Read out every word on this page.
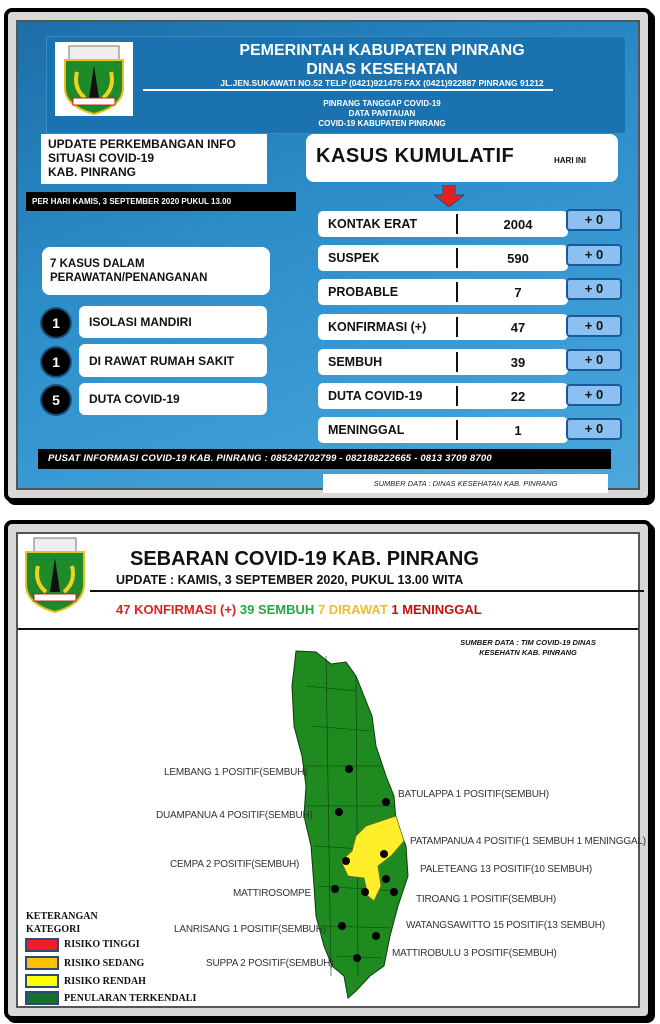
PEMERINTAH KABUPATEN PINRANG
DINAS KESEHATAN
JL.JEN.SUKAWATI NO.52 TELP (0421)921475 FAX (0421)922887 PINRANG 91212
PINRANG TANGGAP COVID-19
DATA PANTAUAN
COVID-19 KABUPATEN PINRANG
UPDATE PERKEMBANGAN INFO
SITUASI COVID-19
KAB. PINRANG
PER HARI KAMIS, 3 SEPTEMBER 2020 PUKUL 13.00
7 KASUS DALAM
PERAWATAN/PENANGANAN
1	ISOLASI MANDIRI
1	DI RAWAT RUMAH SAKIT
5	DUTA COVID-19
KASUS KUMULATIF	HARI INI
KONTAK ERAT	2004	+ 0
SUSPEK	590	+ 0
PROBABLE	7	+ 0
KONFIRMASI (+)	47	+ 0
SEMBUH	39	+ 0
DUTA COVID-19	22	+ 0
MENINGGAL	1	+ 0
PUSAT INFORMASI COVID-19 KAB. PINRANG : 085242702799 - 082188222665 - 0813 3709 8700
SUMBER DATA : DINAS KESEHATAN KAB. PINRANG
SEBARAN COVID-19 KAB. PINRANG
UPDATE : KAMIS, 3 SEPTEMBER 2020, PUKUL 13.00 WITA
47 KONFIRMASI (+) 39 SEMBUH 7 DIRAWAT 1 MENINGGAL
SUMBER DATA : TIM COVID-19 DINAS
KESEHATN KAB. PINRANG
LEMBANG 1 POSITIF(SEMBUH)
DUAMPANUA 4 POSITIF(SEMBUH)
CEMPA 2 POSITIF(SEMBUH)
MATTIROSOMPE
LANRISANG 1 POSITIF(SEMBUH)
SUPPA 2 POSITIF(SEMBUH)
BATULAPPA 1 POSITIF(SEMBUH)
PATAMPANUA 4 POSITIF(1 SEMBUH 1 MENINGGAL)
PALETEANG 13 POSITIF(10 SEMBUH)
TIROANG 1 POSITIF(SEMBUH)
WATANGSAWITTO 15 POSITIF(13 SEMBUH)
MATTIROBULU 3 POSITIF(SEMBUH)
KETERANGAN
KATEGORI
RISIKO TINGGI
RISIKO SEDANG
RISIKO RENDAH
PENULARAN TERKENDALI
